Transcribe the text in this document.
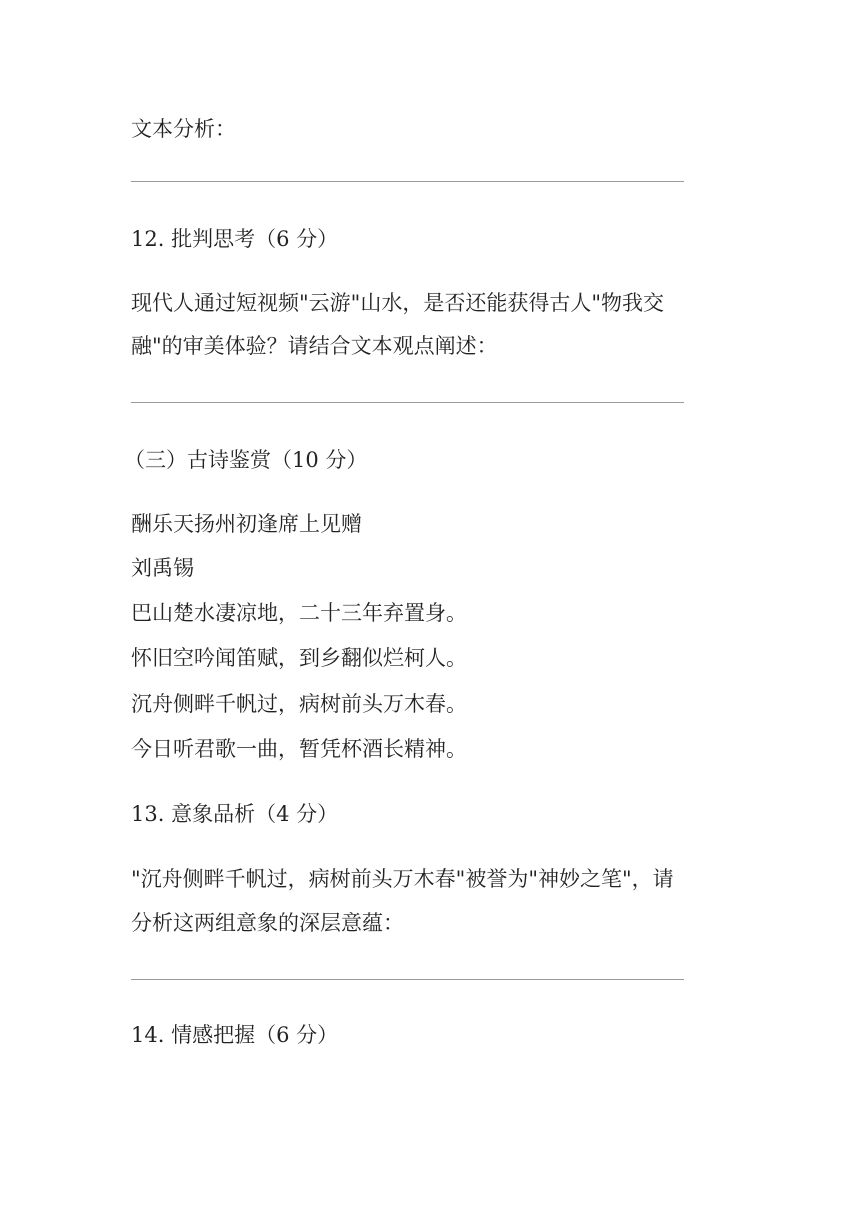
文本分析：

12. 批判思考（6 分）

现代人通过短视频"云游"山水，是否还能获得古人"物我交

融"的审美体验？请结合文本观点阐述：

（三）古诗鉴赏（10 分）

酬乐天扬州初逢席上见赠

刘禹锡

巴山楚水凄凉地，二十三年弃置身。

怀旧空吟闻笛赋，到乡翻似烂柯人。

沉舟侧畔千帆过，病树前头万木春。

今日听君歌一曲，暂凭杯酒长精神。

13. 意象品析（4 分）

"沉舟侧畔千帆过，病树前头万木春"被誉为"神妙之笔"，请

分析这两组意象的深层意蕴：

14. 情感把握（6 分）
